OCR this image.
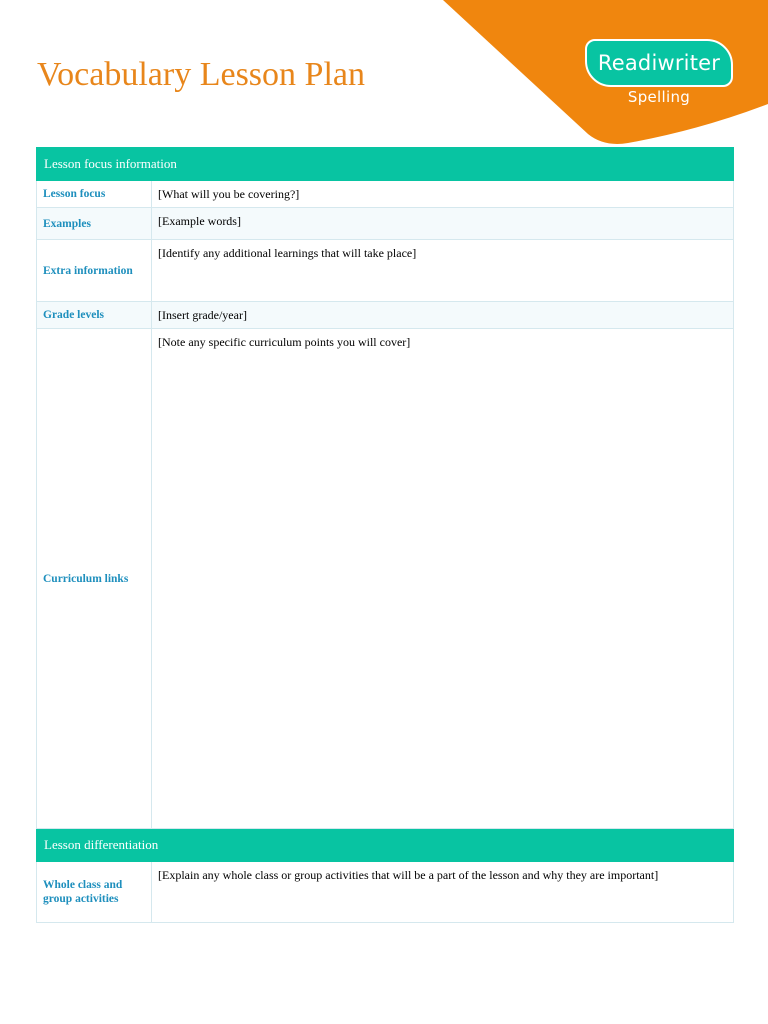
Readiwriter
Spelling
Vocabulary Lesson Plan
Lesson focus information	
Lesson focus	[What will you be covering?]
Examples	[Example words]
Extra information	[Identify any additional learnings that will take place]
Grade levels	[Insert grade/year]
Curriculum links	[Note any specific curriculum points you will cover]
Lesson differentiation	
Whole class and group activities	[Explain any whole class or group activities that will be a part of the lesson and why they are important]
